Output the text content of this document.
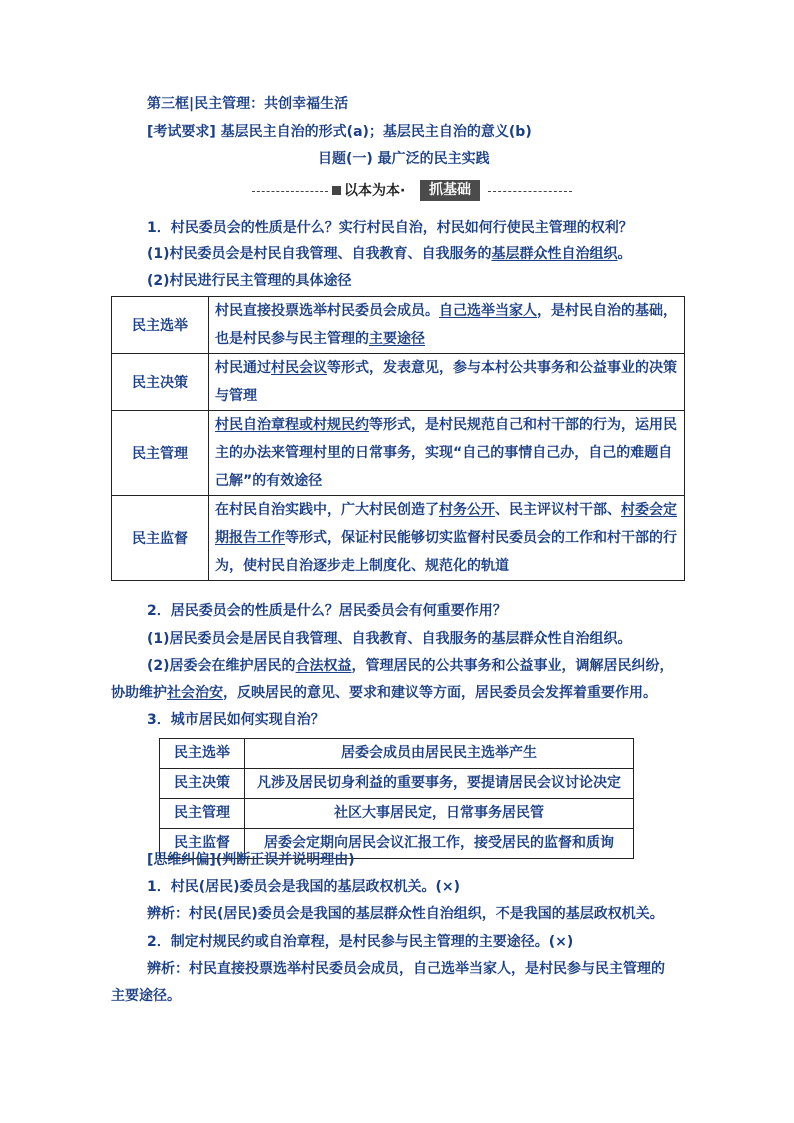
第三框|民主管理：共创幸福生活
[考试要求] 基层民主自治的形式(a)；基层民主自治的意义(b)
目题(一) 最广泛的民主实践
以本为本·	抓基础
1．村民委员会的性质是什么？实行村民自治，村民如何行使民主管理的权利？
(1)村民委员会是村民自我管理、自我教育、自我服务的基层群众性自治组织。
(2)村民进行民主管理的具体途径
民主选举	村民直接投票选举村民委员会成员。自己选举当家人，是村民自治的基础，
也是村民参与民主管理的主要途径

民主决策	村民通过村民会议等形式，发表意见，参与本村公共事务和公益事业的决策
与管理

民主管理	村民自治章程或村规民约等形式，是村民规范自己和村干部的行为，运用民
主的办法来管理村里的日常事务，实现“自己的事情自己办，自己的难题自
己解”的有效途径

民主监督	在村民自治实践中，广大村民创造了村务公开、民主评议村干部、村委会定
期报告工作等形式，保证村民能够切实监督村民委员会的工作和村干部的行
为，使村民自治逐步走上制度化、规范化的轨道
2．居民委员会的性质是什么？居民委员会有何重要作用？
(1)居民委员会是居民自我管理、自我教育、自我服务的基层群众性自治组织。
(2)居委会在维护居民的合法权益，管理居民的公共事务和公益事业，调解居民纠纷，
协助维护社会治安，反映居民的意见、要求和建议等方面，居民委员会发挥着重要作用。
3．城市居民如何实现自治？
民主选举	居委会成员由居民民主选举产生
民主决策	凡涉及居民切身利益的重要事务，要提请居民会议讨论决定
民主管理	社区大事居民定，日常事务居民管
民主监督	居委会定期向居民会议汇报工作，接受居民的监督和质询
[思维纠偏](判断正误并说明理由)
1．村民(居民)委员会是我国的基层政权机关。(×)
辨析：村民(居民)委员会是我国的基层群众性自治组织，不是我国的基层政权机关。
2．制定村规民约或自治章程，是村民参与民主管理的主要途径。(×)
辨析：村民直接投票选举村民委员会成员，自己选举当家人，是村民参与民主管理的
主要途径。
